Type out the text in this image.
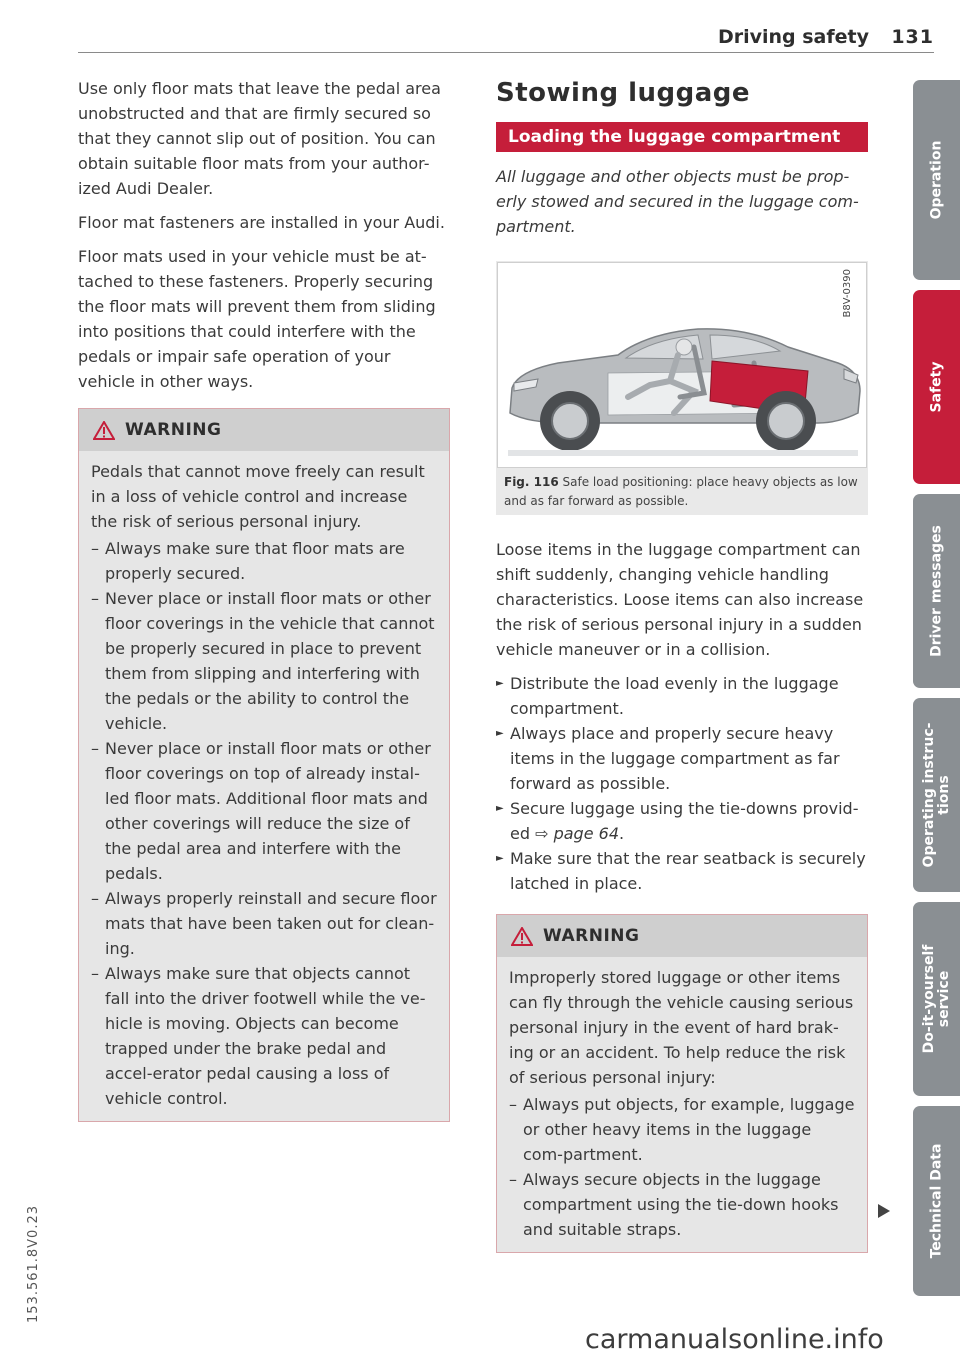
Driving safety 131

Use only floor mats that leave the pedal area unobstructed and that are firmly secured so that they cannot slip out of position. You can obtain suitable floor mats from your author-ized Audi Dealer.

Floor mat fasteners are installed in your Audi.

Floor mats used in your vehicle must be at-tached to these fasteners. Properly securing the floor mats will prevent them from sliding into positions that could interfere with the pedals or impair safe operation of your vehicle in other ways.

WARNING

Pedals that cannot move freely can result in a loss of vehicle control and increase the risk of serious personal injury.

– Always make sure that floor mats are properly secured.
– Never place or install floor mats or other floor coverings in the vehicle that cannot be properly secured in place to prevent them from slipping and interfering with the pedals or the ability to control the vehicle.
– Never place or install floor mats or other floor coverings on top of already instal-led floor mats. Additional floor mats and other coverings will reduce the size of the pedal area and interfere with the pedals.
– Always properly reinstall and secure floor mats that have been taken out for clean-ing.
– Always make sure that objects cannot fall into the driver footwell while the ve-hicle is moving. Objects can become trapped under the brake pedal and accel-erator pedal causing a loss of vehicle control.
Stowing luggage
Loading the luggage compartment

All luggage and other objects must be prop-erly stowed and secured in the luggage com-partment.

B8V-0390
Fig. 116 Safe load positioning: place heavy objects as low and as far forward as possible.

Loose items in the luggage compartment can shift suddenly, changing vehicle handling characteristics. Loose items can also increase the risk of serious personal injury in a sudden vehicle maneuver or in a collision.

► Distribute the load evenly in the luggage compartment.
► Always place and properly secure heavy items in the luggage compartment as far forward as possible.
► Secure luggage using the tie-downs provid-ed ⇨ page 64.
► Make sure that the rear seatback is securely latched in place.
WARNING

Improperly stored luggage or other items can fly through the vehicle causing serious personal injury in the event of hard brak-ing or an accident. To help reduce the risk of serious personal injury:

– Always put objects, for example, luggage or other heavy items in the luggage com-partment.
– Always secure objects in the luggage compartment using the tie-down hooks and suitable straps.
Operation
Safety
Driver messages
Operating instruc-
tions
Do-it-yourself
service
Technical Data
153.561.8V0.23
carmanualsonline.info
